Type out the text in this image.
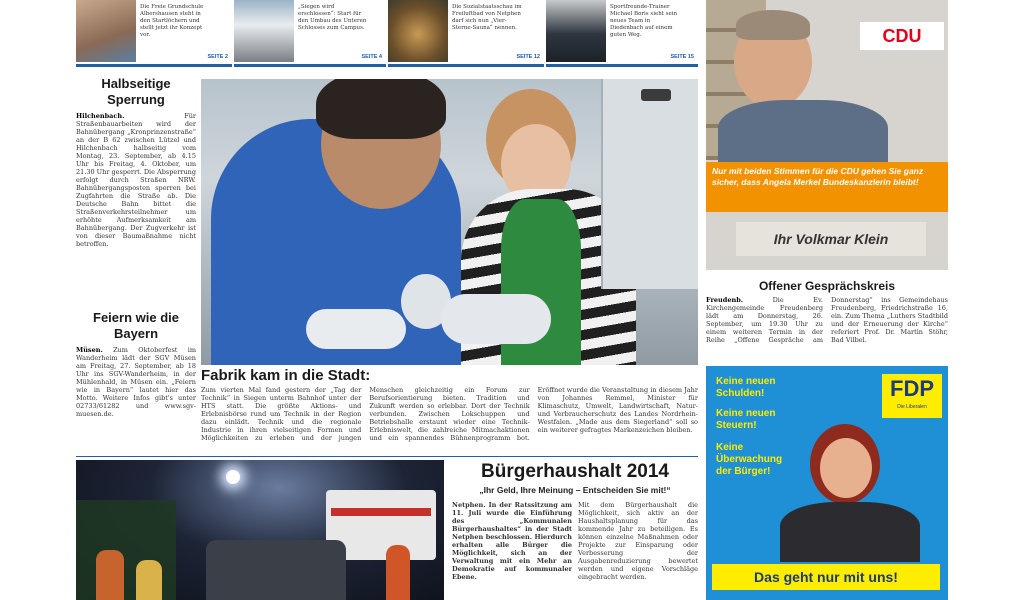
Die Freie Grundschule Albershausen steht in den Startlöchern und stellt jetzt ihr Konzept vor.
SEITE 2
„Siegen wird erschlossen“: Start für den Umbau des Unteren Schlosses zum Campus.
SEITE 4
Die Sozialstaatsschau im Freiluftbad von Netphen darf sich nun „Vier-Sterne-Sauna“ nennen.
SEITE 12
Sportfreunde-Trainer Michael Boris sieht sein neues Team in Diedenbach auf einem guten Weg.
SEITE 15
Halbseitige Sperrung
Hilchenbach.	Für Straßenbauarbeiten wird der Bahnübergang „Kronprinzenstraße“ an der B 62 zwischen Lützel und Hilchenbach halbseitig vom Montag, 23. September, ab 4.15 Uhr bis Freitag, 4. Oktober, um 21.30 Uhr gesperrt. Die Absperrung erfolgt durch Straßen NRW. Bahnübergangsposten sperren bei Zugfahrten die Straße ab. Die Deutsche Bahn bittet die Straßenverkehrsteilnehmer um erhöhte Aufmerksamkeit am Bahnübergang. Der Zugverkehr ist von dieser Baumaßnahme nicht betroffen.
Feiern wie die Bayern
Müsen. Zum Oktoberfest im Wanderheim lädt der SGV Müsen am Freitag, 27. September, ab 18 Uhr ins SGV-Wanderheim, in der Mühlenhald, in Müsen ein. „Feiern wie in Bayern“ lautet hier das Motto. Weitere Infos gibt's unter 02733/61282 und www.sgv-muesen.de.
Fabrik kam in die Stadt:
Zum vierten Mal fand gestern der „Tag der Technik“ in Siegen unterm Bahnhof unter der HTS statt. Die größte Aktions- und Erlebnisbörse rund um Technik in der Region dazu einlädt. Technik und die regionale Industrie in ihren vielseitigen Formen und Möglichkeiten zu erleben und der jungen Menschen gleichzeitig ein Forum zur Berufsorientierung bieten. Tradition und Zukunft werden so erlebbar. Dort der Technik verbunden. Zwischen Lokschuppen und Betriebshalle erstaunt wieder eine Technik-Erlebniswelt, die zahlreiche Mitmachaktionen und ein spannendes Bühnenprogramm bot. Eröffnet wurde die Veranstaltung in diesem Jahr von Johannes Remmel, Minister für Klimaschutz, Umwelt, Landwirtschaft, Natur- und Verbraucherschutz des Landes Nordrhein-Westfalen. „Made aus dem Siegerland“ soll so ein weiterer gefragtes Markenzeichen bleiben.
Bürgerhaushalt 2014
„Ihr Geld, Ihre Meinung – Entscheiden Sie mit!“
Netphen. In der Ratssitzung am 11. Juli wurde die Einführung des „Kommunalen Bürgerhaushaltes“ in der Stadt Netphen beschlossen. Hierdurch erhalten alle Bürger die Möglichkeit, sich an der Verwaltung mit ein Mehr an Demokratie auf kommunaler Ebene.
Mit dem Bürgerhaushalt die Möglichkeit, sich aktiv an der Haushaltsplanung für das kommende Jahr zu beteiligen. Es können einzelne Maßnahmen oder Projekte zur Einsparung oder Verbesserung der Ausgabenreduzierung bewertet werden und eigene Vorschläge eingebracht werden.
CDU
Nur mit beiden Stimmen für die CDU gehen Sie ganz sicher, dass Angela Merkel Bundeskanzlerin bleibt!
Ihr Volkmar Klein
Offener Gesprächskreis
Freudenb.	Die Ev. Kirchengemeinde Freudenberg lädt am Donnerstag, 26. September, um 19.30 Uhr zu einem weiteren Termin in der Reihe „Offene Gespräche am Donnerstag“ ins Gemeindehaus Freudenberg, Friedrichstraße 16, ein. Zum Thema „Luthers Stadtbild und der Erneuerung der Kirche“ referiert Prof. Dr. Martin Stöhr, Bad Vilbel.
FDP
Die Liberalen
Keine neuen Schulden!
Keine neuen Steuern!
Keine Überwachung der Bürger!
Das geht nur mit uns!
